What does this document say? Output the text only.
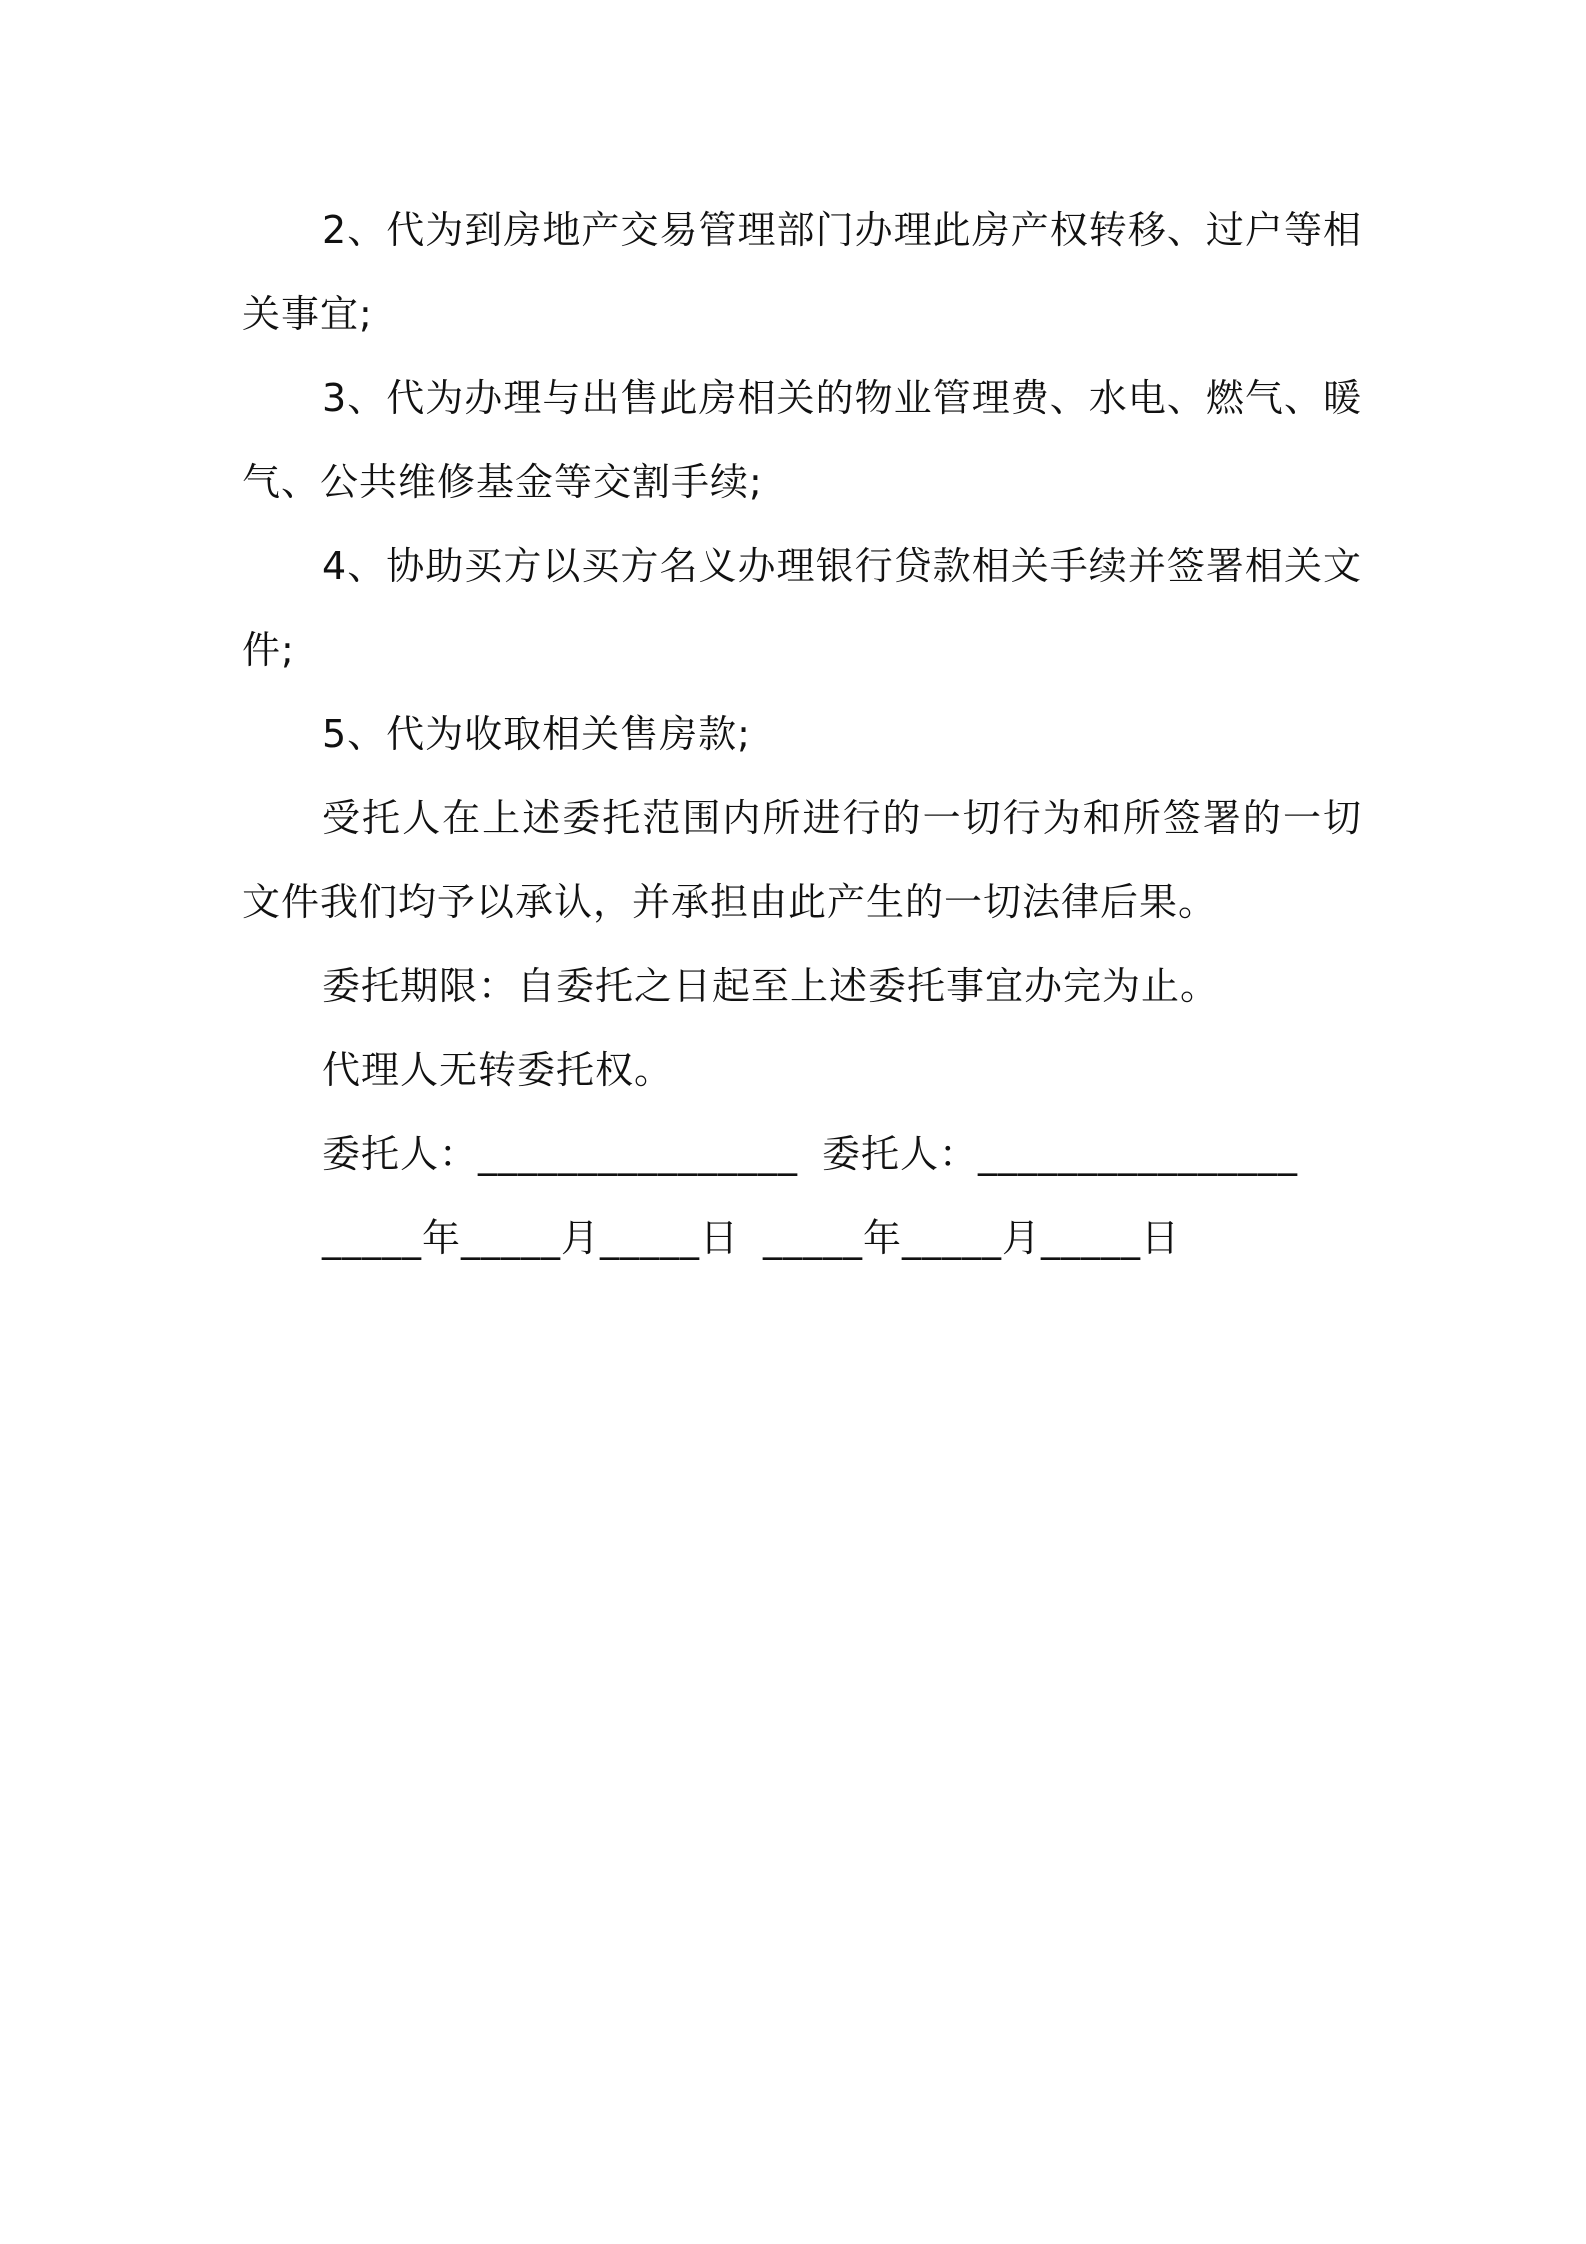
2、代为到房地产交易管理部门办理此房产权转移、过户等相关事宜;

3、代为办理与出售此房相关的物业管理费、水电、燃气、暖气、公共维修基金等交割手续;

4、协助买方以买方名义办理银行贷款相关手续并签署相关文件;

5、代为收取相关售房款;

受托人在上述委托范围内所进行的一切行为和所签署的一切文件我们均予以承认，并承担由此产生的一切法律后果。

委托期限：自委托之日起至上述委托事宜办完为止。

代理人无转委托权。

委托人：________________ 委托人：________________

_____年_____月_____日 _____年_____月_____日
